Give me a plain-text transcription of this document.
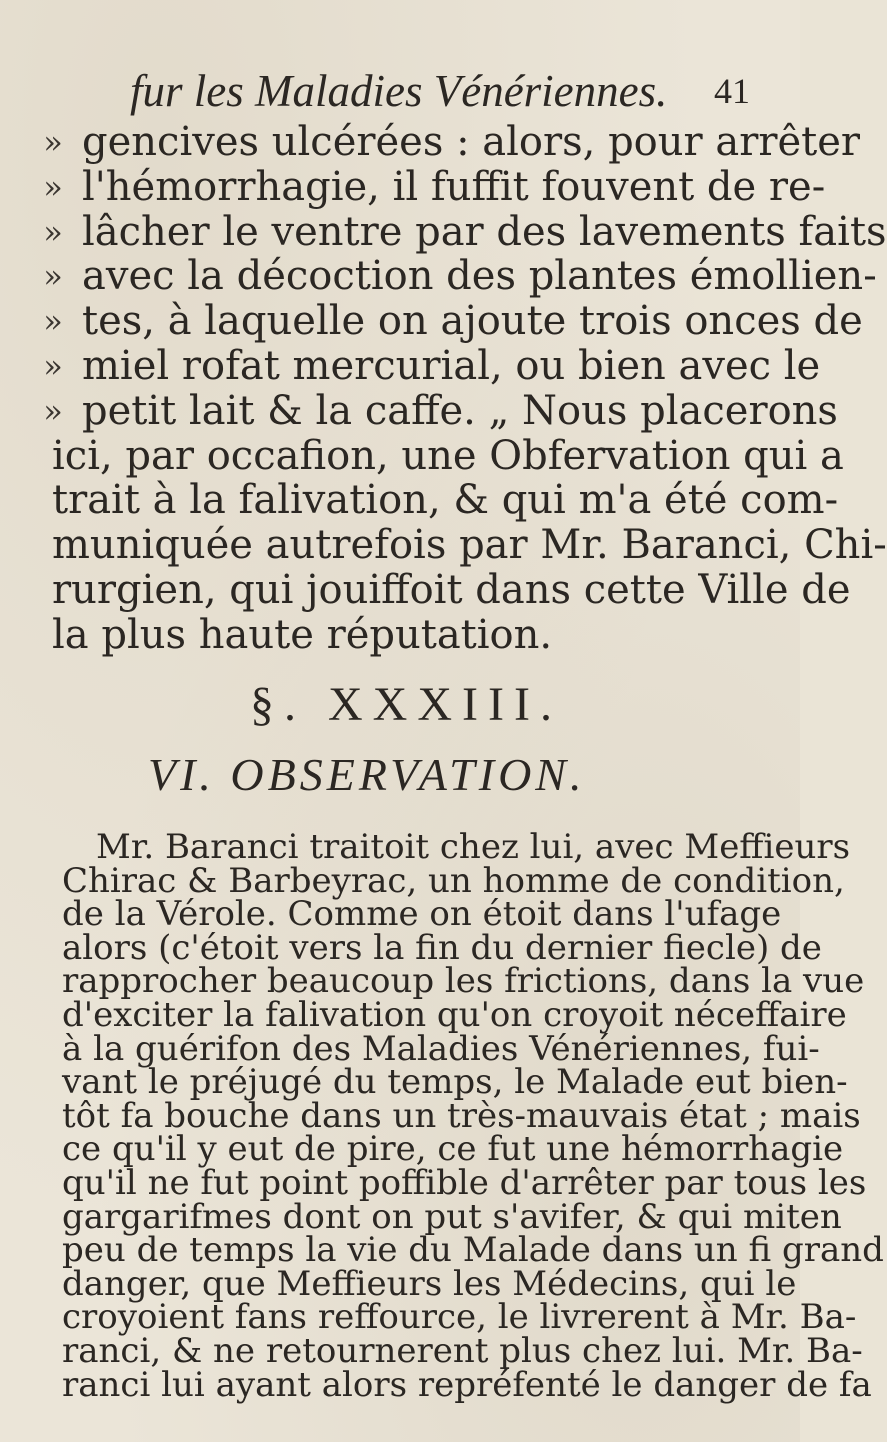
fur les Maladies Vénériennes. 41
» gencives ulcérées : alors, pour arrêter
» l'hémorrhagie, il fuffit fouvent de re-
» lâcher le ventre par des lavements faits
» avec la décoction des plantes émollien-
» tes, à laquelle on ajoute trois onces de
» miel rofat mercurial, ou bien avec le
» petit lait & la caffe. „ Nous placerons
ici, par occafion, une Obfervation qui a
trait à la falivation, & qui m'a été com-
muniquée autrefois par Mr. Baranci, Chi-
rurgien, qui jouiffoit dans cette Ville de
la plus haute réputation.
§. XXXIII.
VI. OBSERVATION.
Mr. Baranci traitoit chez lui, avec Meffieurs
Chirac & Barbeyrac, un homme de condition,
de la Vérole. Comme on étoit dans l'ufage
alors (c'étoit vers la fin du dernier fiecle) de
rapprocher beaucoup les frictions, dans la vue
d'exciter la falivation qu'on croyoit néceffaire
à la guérifon des Maladies Vénériennes, fui-
vant le préjugé du temps, le Malade eut bien-
tôt fa bouche dans un très-mauvais état ; mais
ce qu'il y eut de pire, ce fut une hémorrhagie
qu'il ne fut point poffible d'arrêter par tous les
gargarifmes dont on put s'avifer, & qui miten
peu de temps la vie du Malade dans un fi grand
danger, que Meffieurs les Médecins, qui le
croyoient fans reffource, le livrerent à Mr. Ba-
ranci, & ne retournerent plus chez lui. Mr. Ba-
ranci lui ayant alors repréfenté le danger de fa
